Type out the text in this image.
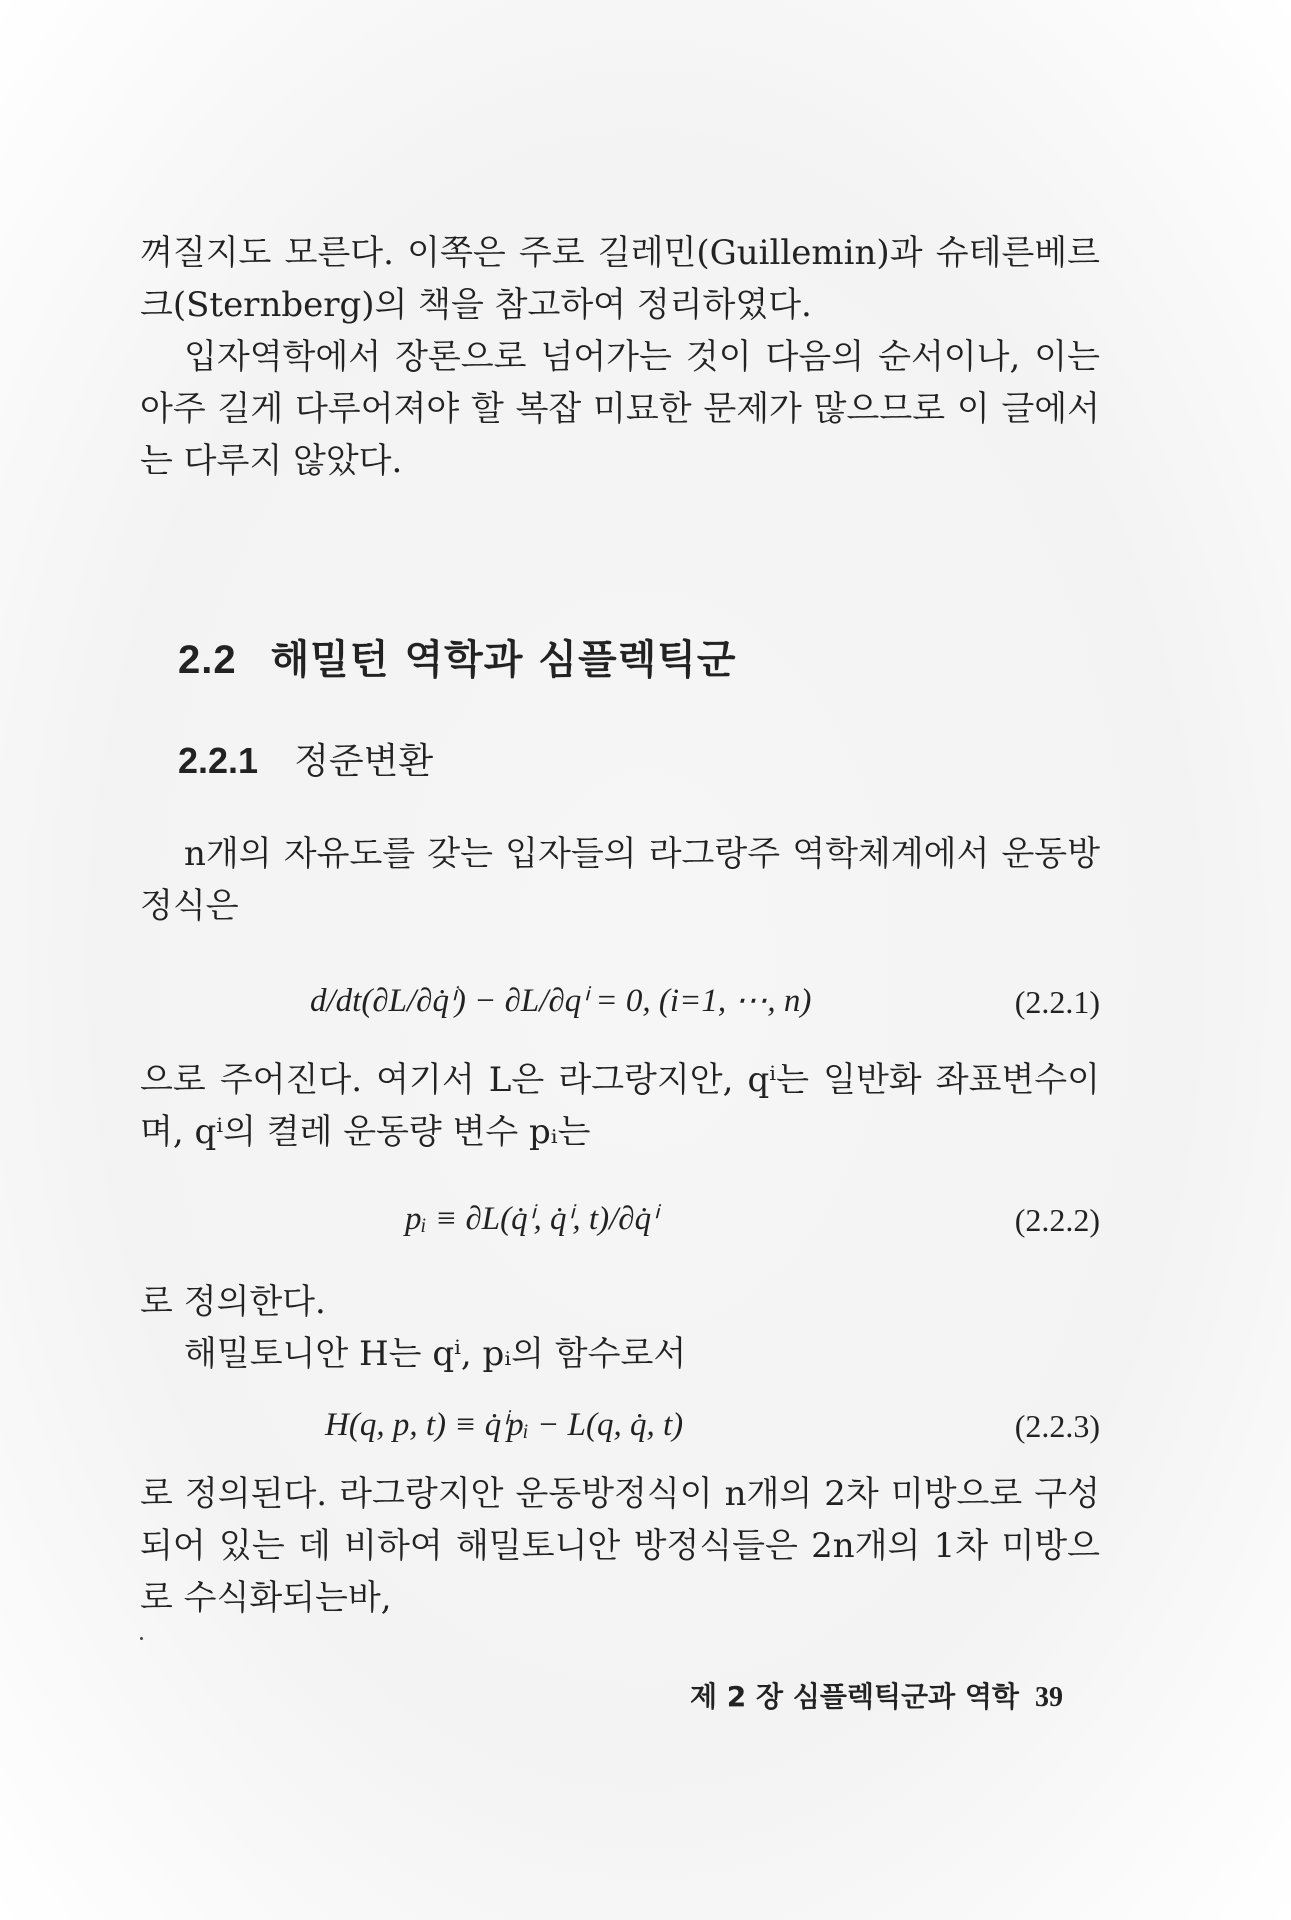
껴질지도 모른다. 이쪽은 주로 길레민(Guillemin)과 슈테른베르크(Sternberg)의 책을 참고하여 정리하였다.

입자역학에서 장론으로 넘어가는 것이 다음의 순서이나, 이는 아주 길게 다루어져야 할 복잡 미묘한 문제가 많으므로 이 글에서는 다루지 않았다.

2.2 해밀턴 역학과 심플렉틱군
2.2.1 정준변환

n개의 자유도를 갖는 입자들의 라그랑주 역학체계에서 운동방정식은

d/dt(∂L/∂q̇ⁱ) − ∂L/∂qⁱ = 0, (i=1, ⋯, n)	(2.2.1)

으로 주어진다. 여기서 L은 라그랑지안, qⁱ는 일반화 좌표변수이며, qⁱ의 켤레 운동량 변수 pᵢ는

pᵢ ≡ ∂L(q̇ⁱ, q̇ⁱ, t)/∂q̇ⁱ	(2.2.2)

로 정의한다.

해밀토니안 H는 qⁱ, pᵢ의 함수로서

H(q, p, t) ≡ q̇ⁱpᵢ − L(q, q̇, t)	(2.2.3)

로 정의된다. 라그랑지안 운동방정식이 n개의 2차 미방으로 구성되어 있는 데 비하여 해밀토니안 방정식들은 2n개의 1차 미방으로 수식화되는바,

제 2 장 심플렉틱군과 역학 39
